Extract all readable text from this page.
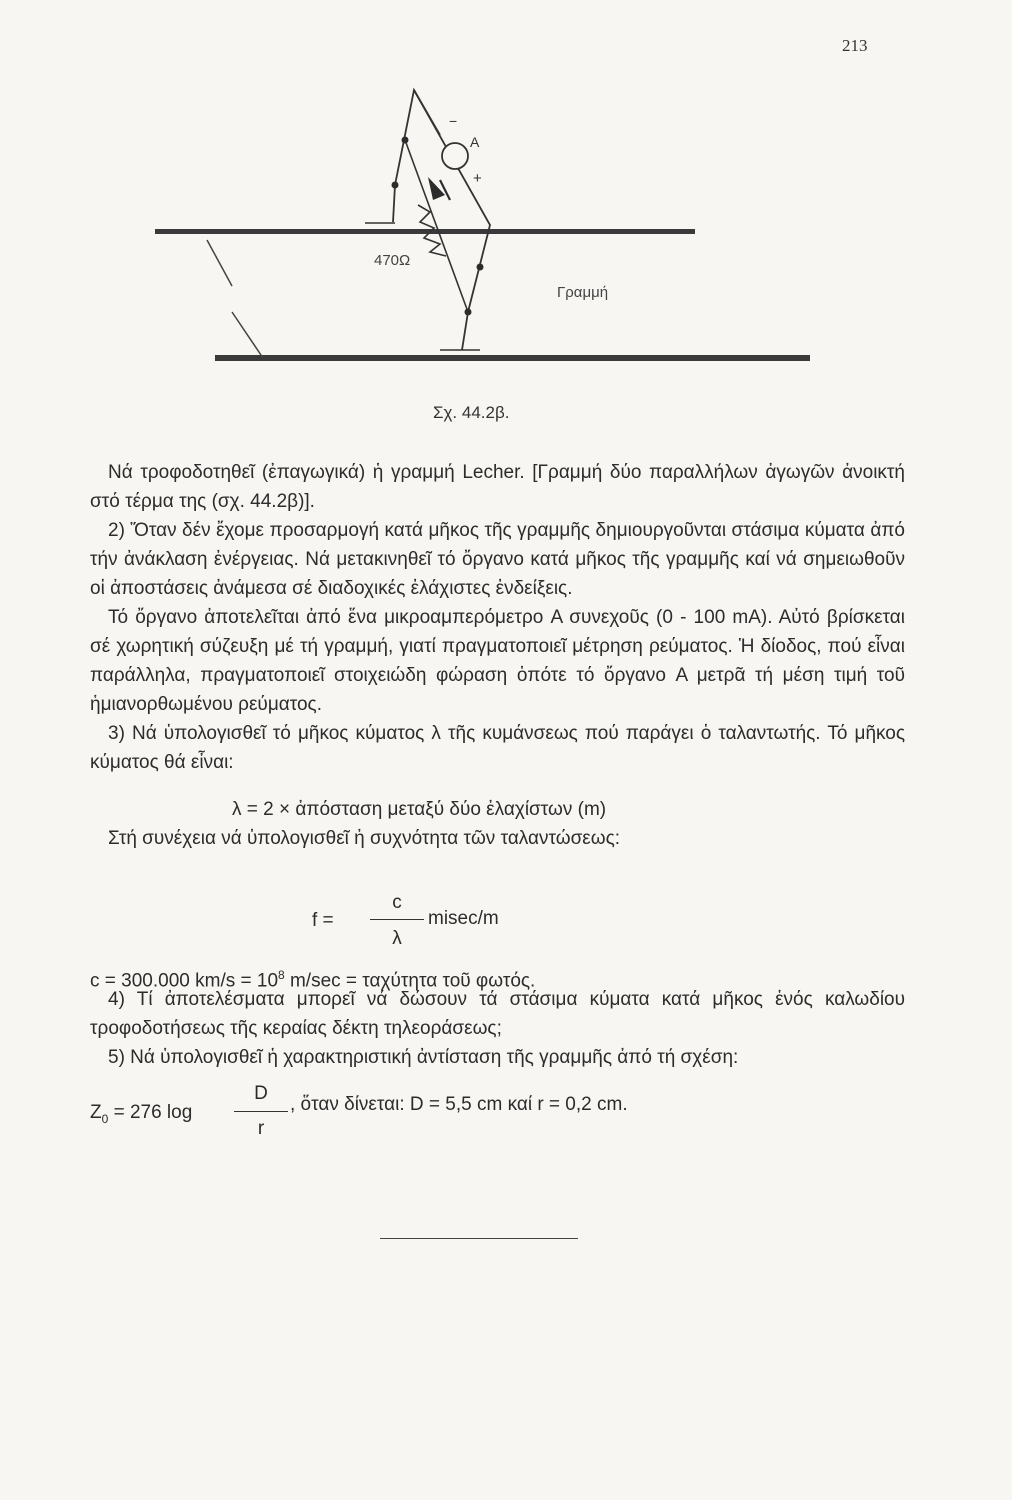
213
A
−
+
470Ω
Γραμμή
Σχ. 44.2β.

Νά τροφοδοτηθεῖ (ἐπαγωγικά) ἡ γραμμή Lecher. [Γραμμή δύο παραλλήλων ἀγωγῶν ἀνοικτή στό τέρμα της (σχ. 44.2β)].

2) Ὅταν δέν ἔχομε προσαρμογή κατά μῆκος τῆς γραμμῆς δημιουργοῦνται στάσιμα κύματα ἀπό τήν ἀνάκλαση ἐνέργειας. Νά μετακινηθεῖ τό ὄργανο κατά μῆκος τῆς γραμμῆς καί νά σημειωθοῦν οἱ ἀποστάσεις ἀνάμεσα σέ διαδοχικές ἐλάχιστες ἐνδείξεις.

Τό ὄργανο ἀποτελεῖται ἀπό ἕνα μικροαμπερόμετρο A συνεχοῦς (0 - 100 mA). Αὐτό βρίσκεται σέ χωρητική σύζευξη μέ τή γραμμή, γιατί πραγματοποιεῖ μέτρηση ρεύματος. Ἡ δίοδος, πού εἶναι παράλληλα, πραγματοποιεῖ στοιχειώδη φώραση ὁπότε τό ὄργανο A μετρᾶ τή μέση τιμή τοῦ ἡμιανορθωμένου ρεύματος.

3) Νά ὑπολογισθεῖ τό μῆκος κύματος λ τῆς κυμάνσεως πού παράγει ὁ ταλαντωτής. Τό μῆκος κύματος θά εἶναι:

λ = 2 × ἀπόσταση μεταξύ δύο ἐλαχίστων (m)
Στή συνέχεια νά ὑπολογισθεῖ ἡ συχνότητα τῶν ταλαντώσεως:
f =
c
λ
misec/m
c = 300.000 $km/s = 10^8$ m/sec = ταχύτητα τοῦ φωτός.

4) Τί ἀποτελέσματα μπορεῖ νά δώσουν τά στάσιμα κύματα κατά μῆκος ἑνός καλωδίου τροφοδοτήσεως τῆς κεραίας δέκτη τηλεοράσεως;

5) Νά ὑπολογισθεῖ ἡ χαρακτηριστική ἀντίσταση τῆς γραμμῆς ἀπό τή σχέση:

$Z_0 = 276$ log
D
r
, ὅταν δίνεται: D = 5,5 cm καί r = 0,2 cm.
